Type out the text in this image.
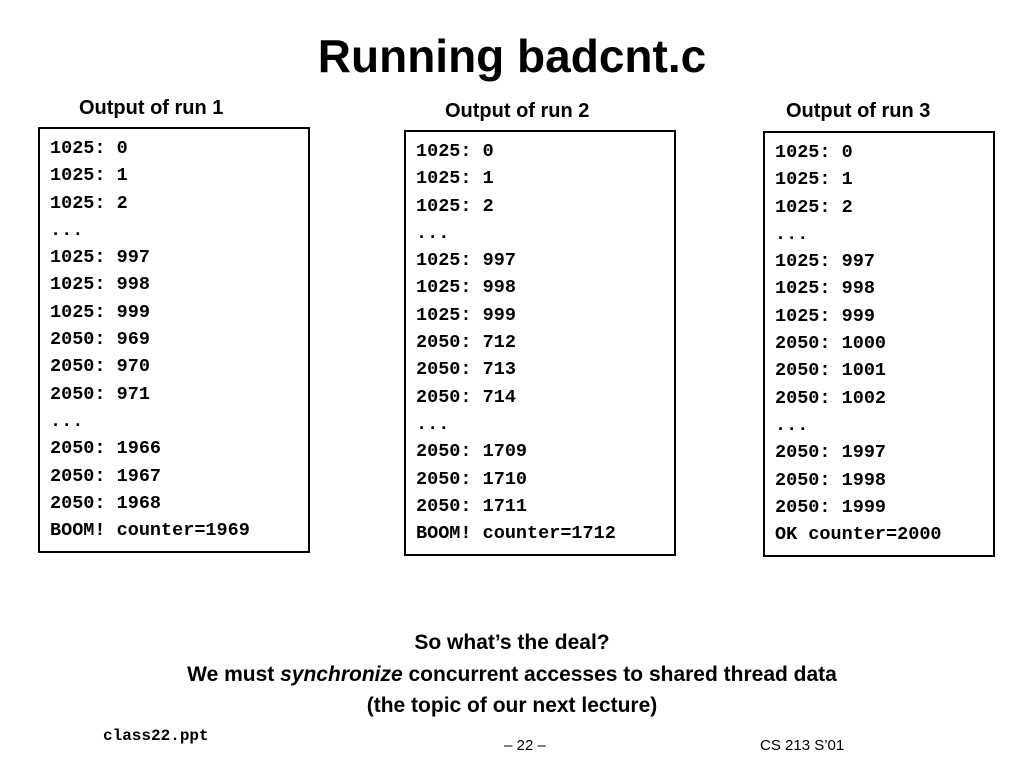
Running badcnt.c
Output of run 1
1025: 0
1025: 1
1025: 2
...
1025: 997
1025: 998
1025: 999
2050: 969
2050: 970
2050: 971
...
2050: 1966
2050: 1967
2050: 1968
BOOM! counter=1969
Output of run 2
1025: 0
1025: 1
1025: 2
...
1025: 997
1025: 998
1025: 999
2050: 712
2050: 713
2050: 714
...
2050: 1709
2050: 1710
2050: 1711
BOOM! counter=1712
Output of run 3
1025: 0
1025: 1
1025: 2
...
1025: 997
1025: 998
1025: 999
2050: 1000
2050: 1001
2050: 1002
...
2050: 1997
2050: 1998
2050: 1999
OK counter=2000
So what’s the deal?
We must synchronize concurrent accesses to shared thread data
(the topic of our next lecture)
class22.ppt
– 22 –	CS 213 S’01
